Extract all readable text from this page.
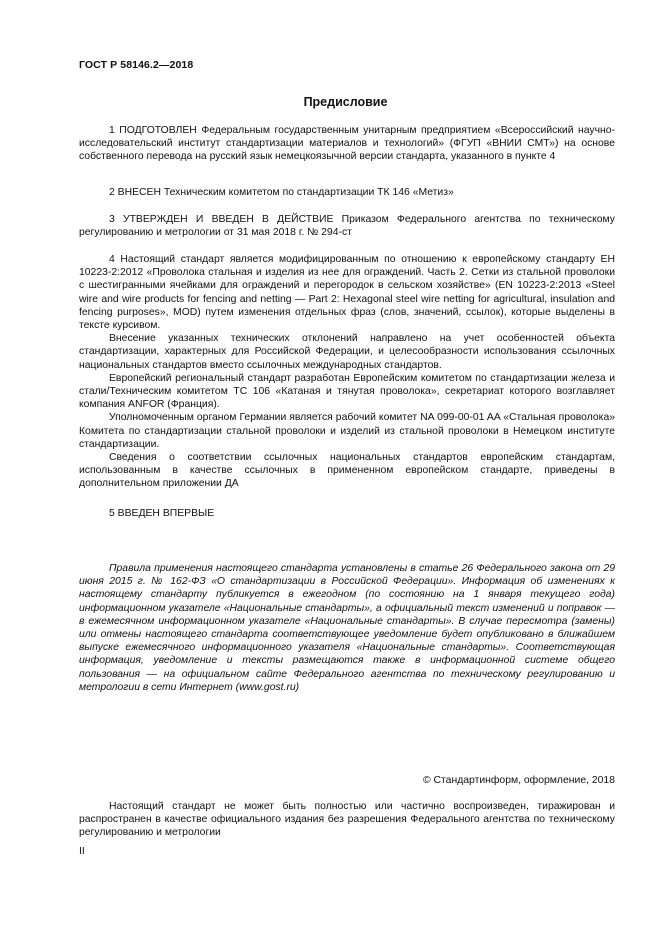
ГОСТ Р 58146.2—2018
Предисловие

1 ПОДГОТОВЛЕН Федеральным государственным унитарным предприятием «Всероссийский научно-исследовательский институт стандартизации материалов и технологий» (ФГУП «ВНИИ СМТ») на основе собственного перевода на русский язык немецкоязычной версии стандарта, указанного в пункте 4

2 ВНЕСЕН Техническим комитетом по стандартизации ТК 146 «Метиз»

3 УТВЕРЖДЕН И ВВЕДЕН В ДЕЙСТВИЕ Приказом Федерального агентства по техническому регулированию и метрологии от 31 мая 2018 г. № 294-ст

4 Настоящий стандарт является модифицированным по отношению к европейскому стандарту ЕН 10223-2:2012 «Проволока стальная и изделия из нее для ограждений. Часть 2. Сетки из стальной проволоки с шестигранными ячейками для ограждений и перегородок в сельском хозяйстве» (EN 10223-2:2013 «Steel wire and wire products for fencing and netting — Part 2: Hexagonal steel wire netting for agricultural, insulation and fencing purposes», MOD) путем изменения отдельных фраз (слов, значений, ссылок), которые выделены в тексте курсивом.

Внесение указанных технических отклонений направлено на учет особенностей объекта стандартизации, характерных для Российской Федерации, и целесообразности использования ссылочных национальных стандартов вместо ссылочных международных стандартов.

Европейский региональный стандарт разработан Европейским комитетом по стандартизации железа и стали/Техническим комитетом ТС 106 «Катаная и тянутая проволока», секретариат которого возглавляет компания ANFOR (Франция).

Уполномоченным органом Германии является рабочий комитет NA 099-00-01 AA «Стальная проволока» Комитета по стандартизации стальной проволоки и изделий из стальной проволоки в Немецком институте стандартизации.

Сведения о соответствии ссылочных национальных стандартов европейским стандартам, использованным в качестве ссылочных в примененном европейском стандарте, приведены в дополнительном приложении ДА

5 ВВЕДЕН ВПЕРВЫЕ

Правила применения настоящего стандарта установлены в статье 26 Федерального закона от 29 июня 2015 г. № 162-ФЗ «О стандартизации в Российской Федерации». Информация об изменениях к настоящему стандарту публикуется в ежегодном (по состоянию на 1 января текущего года) информационном указателе «Национальные стандарты», а официальный текст изменений и поправок — в ежемесячном информационном указателе «Национальные стандарты». В случае пересмотра (замены) или отмены настоящего стандарта соответствующее уведомление будет опубликовано в ближайшем выпуске ежемесячного информационного указателя «Национальные стандарты». Соответствующая информация, уведомление и тексты размещаются также в информационной системе общего пользования — на официальном сайте Федерального агентства по техническому регулированию и метрологии в сети Интернет (www.gost.ru)

© Стандартинформ, оформление, 2018

Настоящий стандарт не может быть полностью или частично воспроизведен, тиражирован и распространен в качестве официального издания без разрешения Федерального агентства по техническому регулированию и метрологии

II
